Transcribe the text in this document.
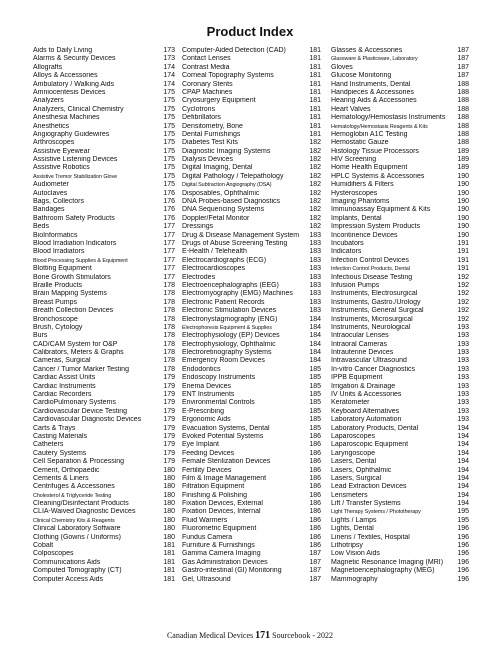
Product Index
Aids to Daily Living	173
Alarms & Security Devices	173
Allografts	174
Alloys & Accessories	174
Ambulatory / Walking Aids	174
Amniocentesis Devices	175
Analyzers	175
Analyzers, Clinical Chemistry	175
Anesthesia Machines	175
Anesthetics	175
Angiography Guidewires	175
Arthroscopes	175
Assistive Eyewear	175
Assistive Listening Devices	175
Assistive Robotics	175
Assistive Tremor Stabilization Glove	175
Audiometer	175
Autoclaves	176
Bags, Collectors	176
Bandages	176
Bathroom Safety Products	176
Beds	177
BioInformatics	177
Blood Irradiation Indicators	177
Blood Irradiators	177
Blood Processing Supplies & Equipment	177
Blotting Equipment	177
Bone Growth Stimulators	177
Braille Products	178
Brain Mapping Systems	178
Breast Pumps	178
Breath Collection Devices	178
Bronchoscope	178
Brush, Cytology	178
Burs	178
CAD/CAM System for O&P	178
Calibrators, Meters & Graphs	178
Cameras, Surgical	178
Cancer / Tumor Marker Testing	178
Cardiac Assist Units	179
Cardiac Instruments	179
Cardiac Recorders	179
CardioPulmonary Systems	179
Cardiovascular Device Testing	179
Cardiovascular Diagnostic Devices	179
Carts & Trays	179
Casting Materials	179
Catheters	179
Cautery Systems	179
Cell Separation & Processing	179
Cement, Orthopaedic	180
Cements & Liners	180
Centrifuges & Accessories	180
Cholesterol & Triglyceride Testing	180
Cleaning/Disinfectant Products	180
CLIA-Waived Diagnostic Devices	180
Clinical Chemistry Kits & Reagents	180
Clinical Laboratory Software	180
Clothing (Gowns / Uniforms)	180
Cobalt	181
Colposcopes	181
Communications Aids	181
Computed Tomography (CT)	181
Computer Access Aids	181
Computer-Aided Detection (CAD)	181
Contact Lenses	181
Contrast Media	181
Corneal Topography Systems	181
Coronary Stents	181
CPAP Machines	181
Cryosurgery Equipment	181
Cyclotrons	181
Defibrillators	181
Densitometry, Bone	181
Dental Furnishings	181
Diabetes Test Kits	182
Diagnostic Imaging Systems	182
Dialysis Devices	182
Digital Imaging, Dental	182
Digital Pathology / Telepathology	182
Digital Subtraction Angiography (DSA)	182
Disposables, Ophthalmic	182
DNA Probes-based Diagnostics	182
DNA Sequencing Systems	182
Doppler/Fetal Monitor	182
Dressings	182
Drug & Disease Management System	183
Drugs of Abuse Screening Testing	183
E-Health / Telehealth	183
Electrocardiographs (ECG)	183
Electrocardioscopes	183
Electrodes	183
Electroencephalographs (EEG)	183
Electromyography (EMG) Machines	183
Electronic Patient Records	183
Electronic Stimulation Devices	183
Electronystagmography (ENG)	184
Electrophoresis Equipment & Supplies	184
Electrophysiology (EP) Devices	184
Electrophysiology, Ophthalmic	184
Electroretinography Systems	184
Emergency Room Devices	184
Endodontics	185
Endoscopy Instruments	185
Enema Devices	185
ENT Instruments	185
Environmental Controls	185
E-Prescribing	185
Ergonomic Aids	185
Evacuation Systems, Dental	185
Evoked Potential Systems	186
Eye Implant	186
Feeding Devices	186
Female Sterilization Devices	186
Fertility Devices	186
Film & Image Management	186
Filtration Equipment	186
Finishing & Polishing	186
Fixation Devices, External	186
Fixation Devices, Internal	186
Fluid Warmers	186
Fluorometric Equipment	186
Fundus Camera	186
Furniture & Furnishings	186
Gamma Camera Imaging	187
Gas Administration Devices	187
Gastro-intestinal (GI) Monitoring	187
Gel, Ultrasound	187
Glasses & Accessories	187
Glassware & Plasticware, Laboratory	187
Gloves	187
Glucose Monitoring	187
Hand Instruments, Dental	188
Handpieces & Accessories	188
Hearing Aids & Accessories	188
Heart Valves	188
Hematology/Hemostasis Instruments	188
Hematology/Hemostasis Reagents & Kits	188
Hemoglobin A1C Testing	188
Hemostatic Gauze	188
Histology Tissue Processors	189
HIV Screening	189
Home Health Equipment	189
HPLC Systems & Accessories	190
Humidifiers & Filters	190
Hysteroscopes	190
Imaging Phantoms	190
Immunoassay Equipment & Kits	190
Implants, Dental	190
Impression System Products	190
Incontinence Devices	190
Incubators	191
Indicators	191
Infection Control Devices	191
Infection Control Products, Dental	191
Infectious Disease Testing	192
Infusion Pumps	192
Instruments, Electrosurgical	192
Instruments, Gastro./Urology	192
Instruments, General Surgical	192
Instruments, Microsurgical	192
Instruments, Neurological	193
Intraocular Lenses	193
Intraoral Cameras	193
Intrauterine Devices	193
Intravascular Ultrasound	193
In-vitro Cancer Diagnostics	193
IPPB Equipment	193
Irrigation & Drainage	193
IV Units & Accessories	193
Keratometer	193
Keyboard Alternatives	193
Laboratory Automation	193
Laboratory Products, Dental	194
Laparoscopes	194
Laparoscopic Equipment	194
Laryngoscope	194
Lasers, Dental	194
Lasers, Ophthalmic	194
Lasers, Surgical	194
Lead Extraction Devices	194
Lensmeters	194
Lift / Transfer Systems	194
Light Therapy Systems / Phototherapy	195
Lights / Lamps	195
Lights, Dental	196
Linens / Textiles, Hospital	196
Lithotripsy	196
Low Vision Aids	196
Magnetic Resonance Imaging (MRI)	196
Magnetoencephalography (MEG)	196
Mammography	196
Canadian Medical Devices 171 Sourcebook - 2022
